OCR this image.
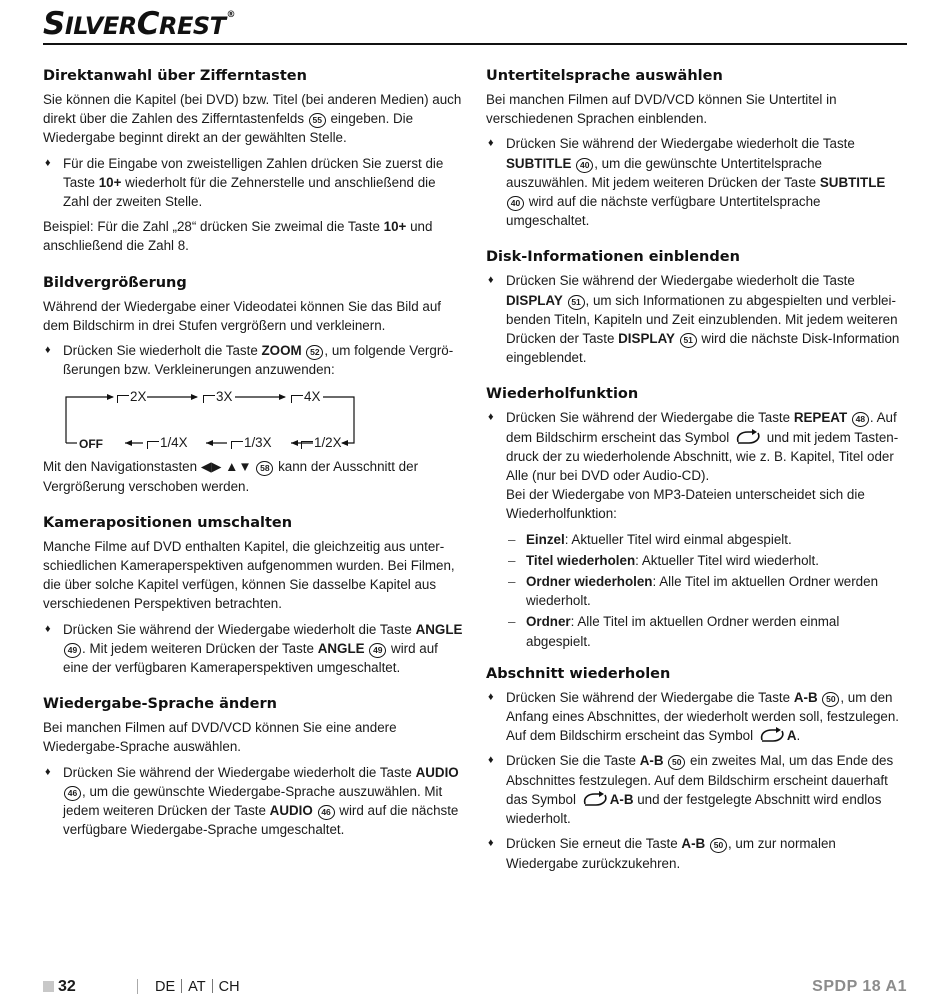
SILVERCREST®
Direktanwahl über Zifferntasten
Sie können die Kapitel (bei DVD) bzw. Titel (bei anderen Medien) auch direkt über die Zahlen des Zifferntastenfelds 55 eingeben. Die Wiedergabe beginnt direkt an der gewählten Stelle.
♦ Für die Eingabe von zweistelligen Zahlen drücken Sie zuerst die Taste 10+ wiederholt für die Zehnerstelle und anschließend die Zahl der zweiten Stelle.
Beispiel: Für die Zahl „28“ drücken Sie zweimal die Taste 10+ und anschließend die Zahl 8.
Bildvergrößerung
Während der Wiedergabe einer Videodatei können Sie das Bild auf dem Bildschirm in drei Stufen vergrößern und verkleinern.
♦ Drücken Sie wiederholt die Taste ZOOM 52 , um folgende Vergrößerungen bzw. Verkleinerungen anzuwenden:
2X	3X	4X
1/2X
1/3X
1/4X
OFF
Mit den Navigationstasten ◀▶ ▲▼ 58 kann der Ausschnitt der Vergrößerung verschoben werden.
Kamerapositionen umschalten
Manche Filme auf DVD enthalten Kapitel, die gleichzeitig aus unterschiedlichen Kameraperspektiven aufgenommen wurden. Bei Filmen, die über solche Kapitel verfügen, können Sie dasselbe Kapitel aus verschiedenen Perspektiven betrachten.
♦ Drücken Sie während der Wiedergabe wiederholt die Taste ANGLE 49 . Mit jedem weiteren Drücken der Taste ANGLE 49 wird auf eine der verfügbaren Kameraperspektiven umgeschaltet.
Wiedergabe-Sprache ändern
Bei manchen Filmen auf DVD/VCD können Sie eine andere Wiedergabe-Sprache auswählen.
♦ Drücken Sie während der Wiedergabe wiederholt die Taste AUDIO 46 , um die gewünschte Wiedergabe-Sprache auszuwählen. Mit jedem weiteren Drücken der Taste AUDIO 46 wird auf die nächste verfügbare Wiedergabe-Sprache umgeschaltet.
Untertitelsprache auswählen
Bei manchen Filmen auf DVD/VCD können Sie Untertitel in verschiedenen Sprachen einblenden.
♦ Drücken Sie während der Wiedergabe wiederholt die Taste SUBTITLE 40 , um die gewünschte Untertitelsprache auszuwählen. Mit jedem weiteren Drücken der Taste SUBTITLE 40 wird auf die nächste verfügbare Untertitelsprache umgeschaltet.
Disk-Informationen einblenden
♦ Drücken Sie während der Wiedergabe wiederholt die Taste DISPLAY 51 , um sich Informationen zu abgespielten und verbleibenden Titeln, Kapiteln und Zeit einzublenden. Mit jedem weiteren Drücken der Taste DISPLAY 51 wird die nächste Disk-Information eingeblendet.
Wiederholfunktion
♦ Drücken Sie während der Wiedergabe die Taste REPEAT 48 . Auf dem Bildschirm erscheint das Symbol  und mit jedem Tastendruck der zu wiederholende Abschnitt, wie z. B. Kapitel, Titel oder Alle (nur bei DVD oder Audio-CD).
Bei der Wiedergabe von MP3-Dateien unterscheidet sich die Wiederholfunktion:
– Einzel: Aktueller Titel wird einmal abgespielt.
– Titel wiederholen: Aktueller Titel wird wiederholt.
– Ordner wiederholen: Alle Titel im aktuellen Ordner werden wiederholt.
– Ordner: Alle Titel im aktuellen Ordner werden einmal abgespielt.
Abschnitt wiederholen
♦ Drücken Sie während der Wiedergabe die Taste A-B 50 , um den Anfang eines Abschnittes, der wiederholt werden soll, festzulegen. Auf dem Bildschirm erscheint das Symbol A.
♦ Drücken Sie die Taste A-B 50 ein zweites Mal, um das Ende des Abschnittes festzulegen. Auf dem Bildschirm erscheint dauerhaft das Symbol A-B und der festgelegte Abschnitt wird endlos wiederholt.
♦ Drücken Sie erneut die Taste A-B 50 , um zur normalen Wiedergabe zurückzukehren.
32	DE AT CH	SPDP 18 A1
